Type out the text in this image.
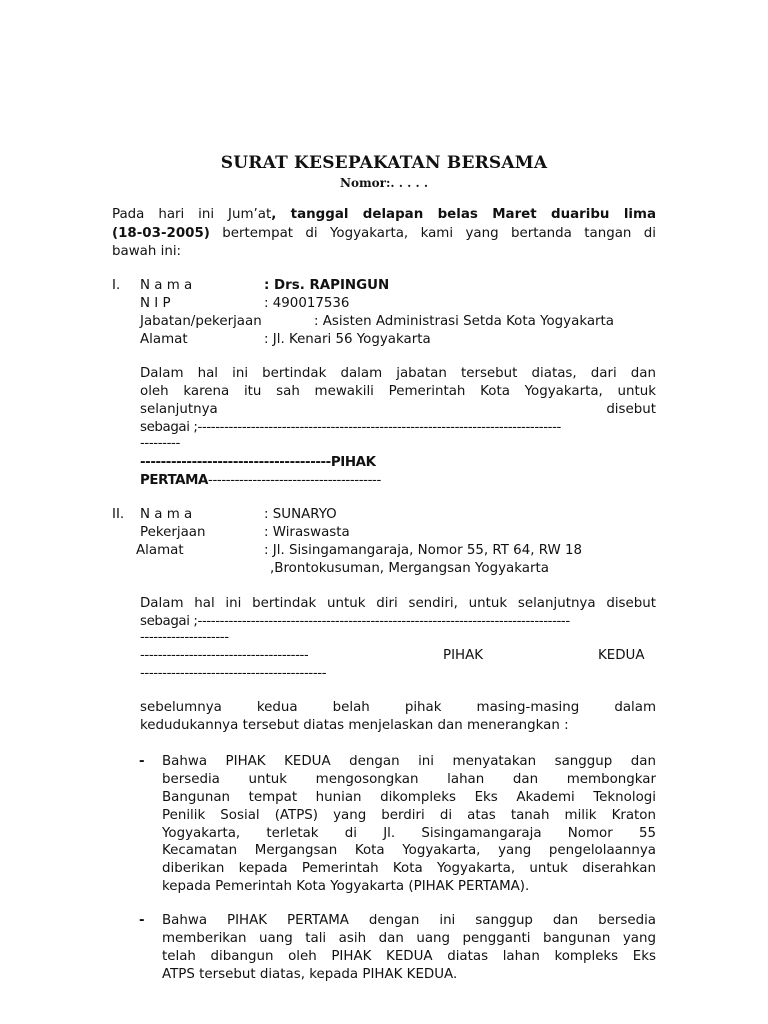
SURAT KESEPAKATAN BERSAMA
Nomor:. . . . .
Pada hari ini Jum’at, tanggal delapan belas Maret duaribu lima
(18-03-2005) bertempat di Yogyakarta, kami yang bertanda tangan di
bawah ini:
I. N a m a	: Drs. RAPINGUN
N I P	: 490017536
Jabatan/pekerjaan	: Asisten Administrasi Setda Kota Yogyakarta
Alamat	: Jl. Kenari 56 Yogyakarta
Dalam hal ini bertindak dalam jabatan tersebut diatas, dari dan
oleh karena itu sah mewakili Pemerintah Kota Yogyakarta, untuk
selanjutnya	disebut
sebagai ;----------------------------------------------------------------------------------
---------
-------------------------------------PIHAK
PERTAMA---------------------------------------
II. N a m a	: SUNARYO
Pekerjaan	: Wiraswasta
Alamat	: Jl. Sisingamangaraja, Nomor 55, RT 64, RW 18
,Brontokusuman, Mergangsan Yogyakarta
Dalam hal ini bertindak untuk diri sendiri, untuk selanjutnya disebut
sebagai ;------------------------------------------------------------------------------------
--------------------
--------------------------------------	PIHAK	KEDUA
------------------------------------------
sebelumnya kedua belah pihak masing-masing dalam
kedudukannya tersebut diatas menjelaskan dan menerangkan :
- Bahwa PIHAK KEDUA dengan ini menyatakan sanggup dan
bersedia untuk mengosongkan lahan dan membongkar
Bangunan tempat hunian dikompleks Eks Akademi Teknologi
Penilik Sosial (ATPS) yang berdiri di atas tanah milik Kraton
Yogyakarta, terletak di Jl. Sisingamangaraja Nomor 55
Kecamatan Mergangsan Kota Yogyakarta, yang pengelolaannya
diberikan kepada Pemerintah Kota Yogyakarta, untuk diserahkan
kepada Pemerintah Kota Yogyakarta (PIHAK PERTAMA).
- Bahwa PIHAK PERTAMA dengan ini sanggup dan bersedia
memberikan uang tali asih dan uang pengganti bangunan yang
telah dibangun oleh PIHAK KEDUA diatas lahan kompleks Eks
ATPS tersebut diatas, kepada PIHAK KEDUA.
